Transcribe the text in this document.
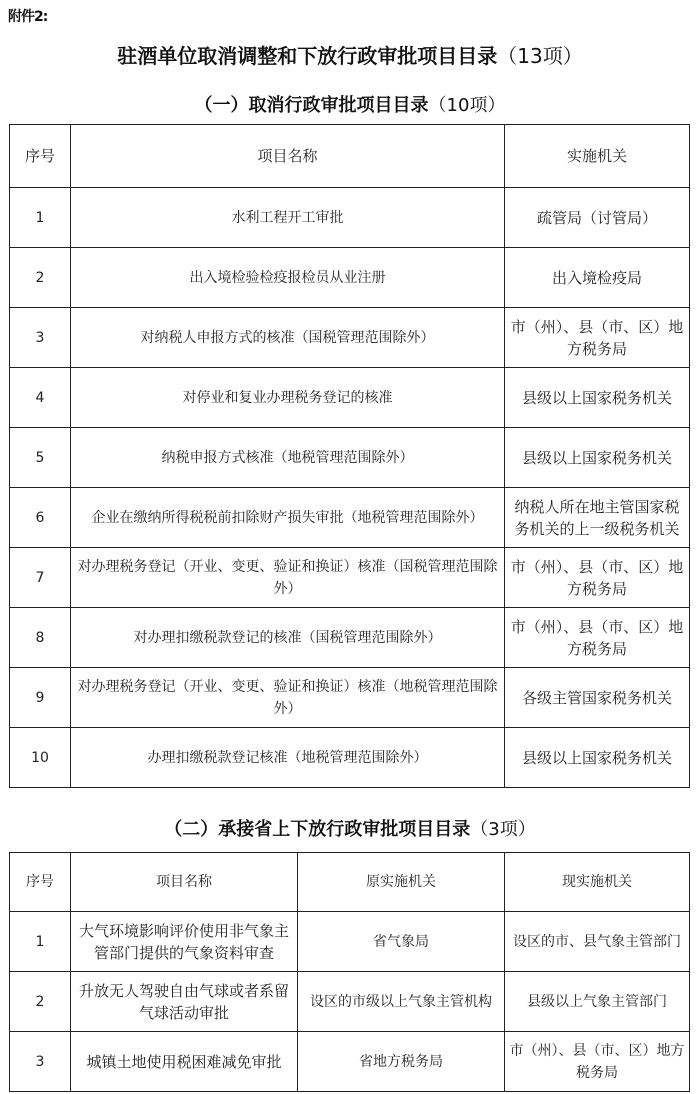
附件2:
驻酒单位取消调整和下放行政审批项目目录（13项）
（一）取消行政审批项目目录（10项）
序号	项目名称	实施机关
1	水利工程开工审批	疏管局（讨管局）
2	出入境检验检疫报检员从业注册	出入境检疫局
3	对纳税人申报方式的核准（国税管理范围除外）	市（州）、县（市、区）地方税务局
4	对停业和复业办理税务登记的核准	县级以上国家税务机关
5	纳税申报方式核准（地税管理范围除外）	县级以上国家税务机关
6	企业在缴纳所得税税前扣除财产损失审批（地税管理范围除外）	纳税人所在地主管国家税务机关的上一级税务机关
7	对办理税务登记（开业、变更、验证和换证）核准（国税管理范围除外）	市（州）、县（市、区）地方税务局
8	对办理扣缴税款登记的核准（国税管理范围除外）	市（州）、县（市、区）地方税务局
9	对办理税务登记（开业、变更、验证和换证）核准（地税管理范围除外）	各级主管国家税务机关
10	办理扣缴税款登记核准（地税管理范围除外）	县级以上国家税务机关
（二）承接省上下放行政审批项目目录（3项）
序号	项目名称	原实施机关	现实施机关
1	大气环境影响评价使用非气象主管部门提供的气象资料审查	省气象局	设区的市、县气象主管部门
2	升放无人驾驶自由气球或者系留气球活动审批	设区的市级以上气象主管机构	县级以上气象主管部门
3	城镇土地使用税困难减免审批	省地方税务局	市（州）、县（市、区）地方税务局
